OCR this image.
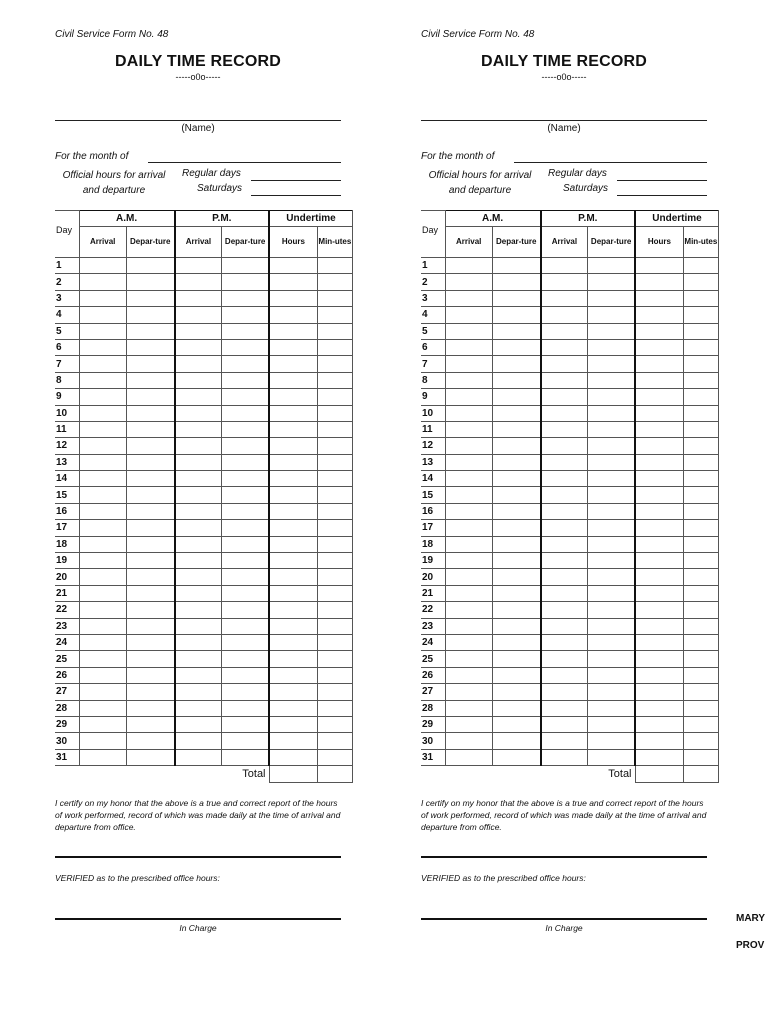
Civil Service Form No. 48
DAILY TIME RECORD
-----o0o-----
(Name)
For the month of
Official hours for arrival and departure
Regular days
Saturdays
Day	A.M.		P.M.		Undertime	
	Arrival	Depar-ture	Arrival	Depar-ture	Hours	Min-utes
1						
2						
3						
4						
5						
6						
7						
8						
9						
10						
11						
12						
13						
14						
15						
16						
17						
18						
19						
20						
21						
22						
23						
24						
25						
26						
27						
28						
29						
30						
31						
Total						
I certify on my honor that the above is a true and correct report of the hours of work performed, record of which was made daily at the time of arrival and departure from office.
VERIFIED as to the prescribed office hours:
In Charge
Civil Service Form No. 48
DAILY TIME RECORD
-----o0o-----
(Name)
For the month of
Official hours for arrival and departure
Regular days
Saturdays
Day	A.M.		P.M.		Undertime	
	Arrival	Depar-ture	Arrival	Depar-ture	Hours	Min-utes
1						
2						
3						
4						
5						
6						
7						
8						
9						
10						
11						
12						
13						
14						
15						
16						
17						
18						
19						
20						
21						
22						
23						
24						
25						
26						
27						
28						
29						
30						
31						
Total						
I certify on my honor that the above is a true and correct report of the hours of work performed, record of which was made daily at the time of arrival and departure from office.
VERIFIED as to the prescribed office hours:
In Charge
MARY
PROV
